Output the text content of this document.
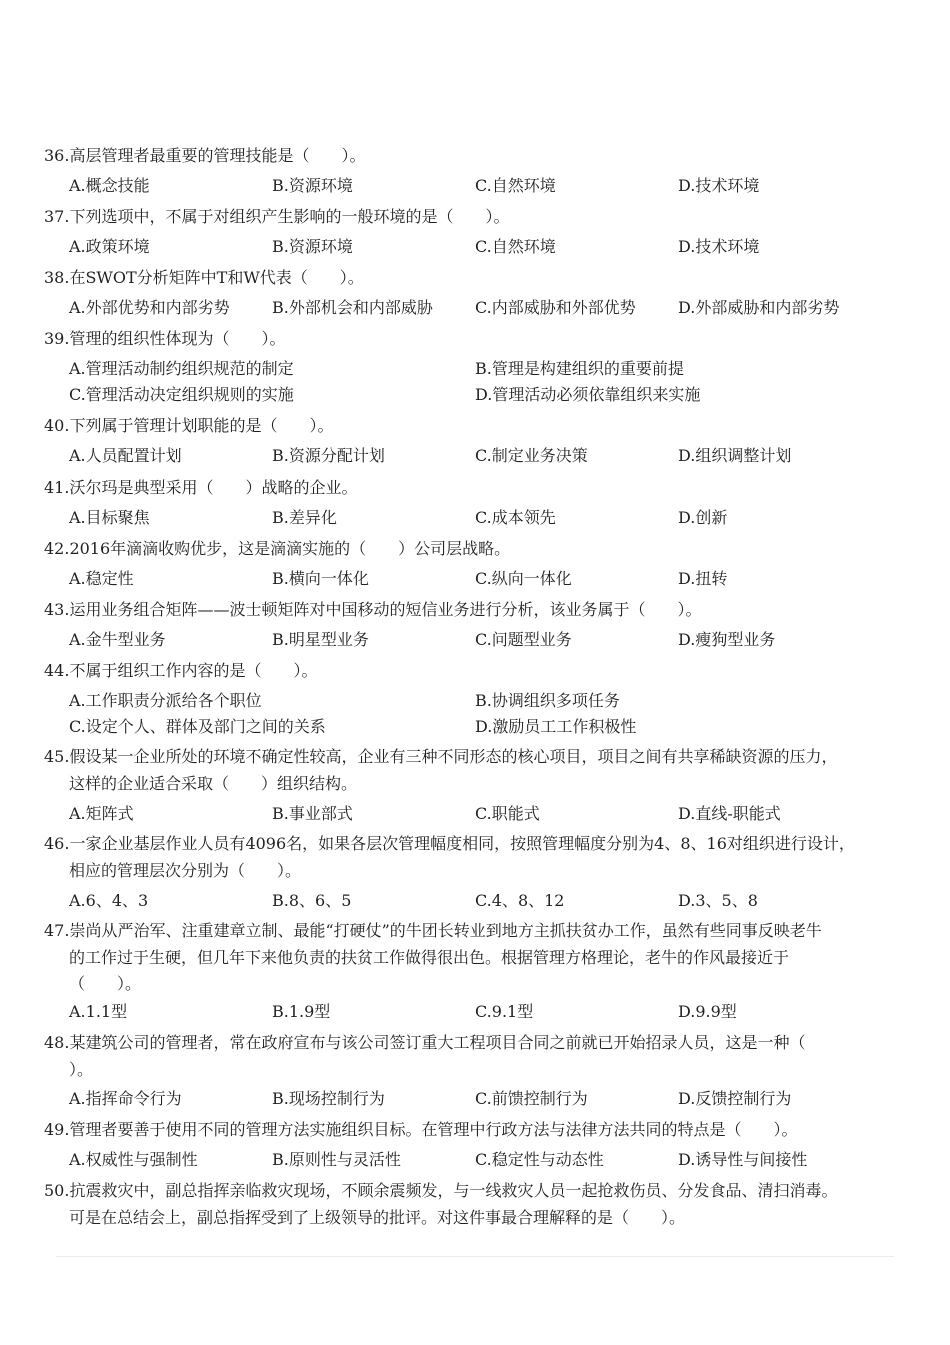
36.高层管理者最重要的管理技能是（　　）。
A.概念技能	B.资源环境	C.自然环境	D.技术环境
37.下列选项中，不属于对组织产生影响的一般环境的是（　　）。
A.政策环境	B.资源环境	C.自然环境	D.技术环境
38.在SWOT分析矩阵中T和W代表（　　）。
A.外部优势和内部劣势	B.外部机会和内部威胁	C.内部威胁和外部优势	D.外部威胁和内部劣势
39.管理的组织性体现为（　　）。
A.管理活动制约组织规范的制定	B.管理是构建组织的重要前提
C.管理活动决定组织规则的实施	D.管理活动必须依靠组织来实施
40.下列属于管理计划职能的是（　　）。
A.人员配置计划	B.资源分配计划	C.制定业务决策	D.组织调整计划
41.沃尔玛是典型采用（　　）战略的企业。
A.目标聚焦	B.差异化	C.成本领先	D.创新
42.2016年滴滴收购优步，这是滴滴实施的（　　）公司层战略。
A.稳定性	B.横向一体化	C.纵向一体化	D.扭转
43.运用业务组合矩阵——波士顿矩阵对中国移动的短信业务进行分析，该业务属于（　　）。
A.金牛型业务	B.明星型业务	C.问题型业务	D.瘦狗型业务
44.不属于组织工作内容的是（　　）。
A.工作职责分派给各个职位	B.协调组织多项任务
C.设定个人、群体及部门之间的关系	D.激励员工工作积极性
45.假设某一企业所处的环境不确定性较高，企业有三种不同形态的核心项目，项目之间有共享稀缺资源的压力，
这样的企业适合采取（　　）组织结构。
A.矩阵式	B.事业部式	C.职能式	D.直线-职能式
46.一家企业基层作业人员有4096名，如果各层次管理幅度相同，按照管理幅度分别为4、8、16对组织进行设计，
相应的管理层次分别为（　　）。
A.6、4、3	B.8、6、5	C.4、8、12	D.3、5、8
47.崇尚从严治军、注重建章立制、最能“打硬仗”的牛团长转业到地方主抓扶贫办工作，虽然有些同事反映老牛
的工作过于生硬，但几年下来他负责的扶贫工作做得很出色。根据管理方格理论，老牛的作风最接近于
（　　）。
A.1.1型	B.1.9型	C.9.1型	D.9.9型
48.某建筑公司的管理者，常在政府宣布与该公司签订重大工程项目合同之前就已开始招录人员，这是一种（
）。
A.指挥命令行为	B.现场控制行为	C.前馈控制行为	D.反馈控制行为
49.管理者要善于使用不同的管理方法实施组织目标。在管理中行政方法与法律方法共同的特点是（　　）。
A.权威性与强制性	B.原则性与灵活性	C.稳定性与动态性	D.诱导性与间接性
50.抗震救灾中，副总指挥亲临救灾现场，不顾余震频发，与一线救灾人员一起抢救伤员、分发食品、清扫消毒。
可是在总结会上，副总指挥受到了上级领导的批评。对这件事最合理解释的是（　　）。
